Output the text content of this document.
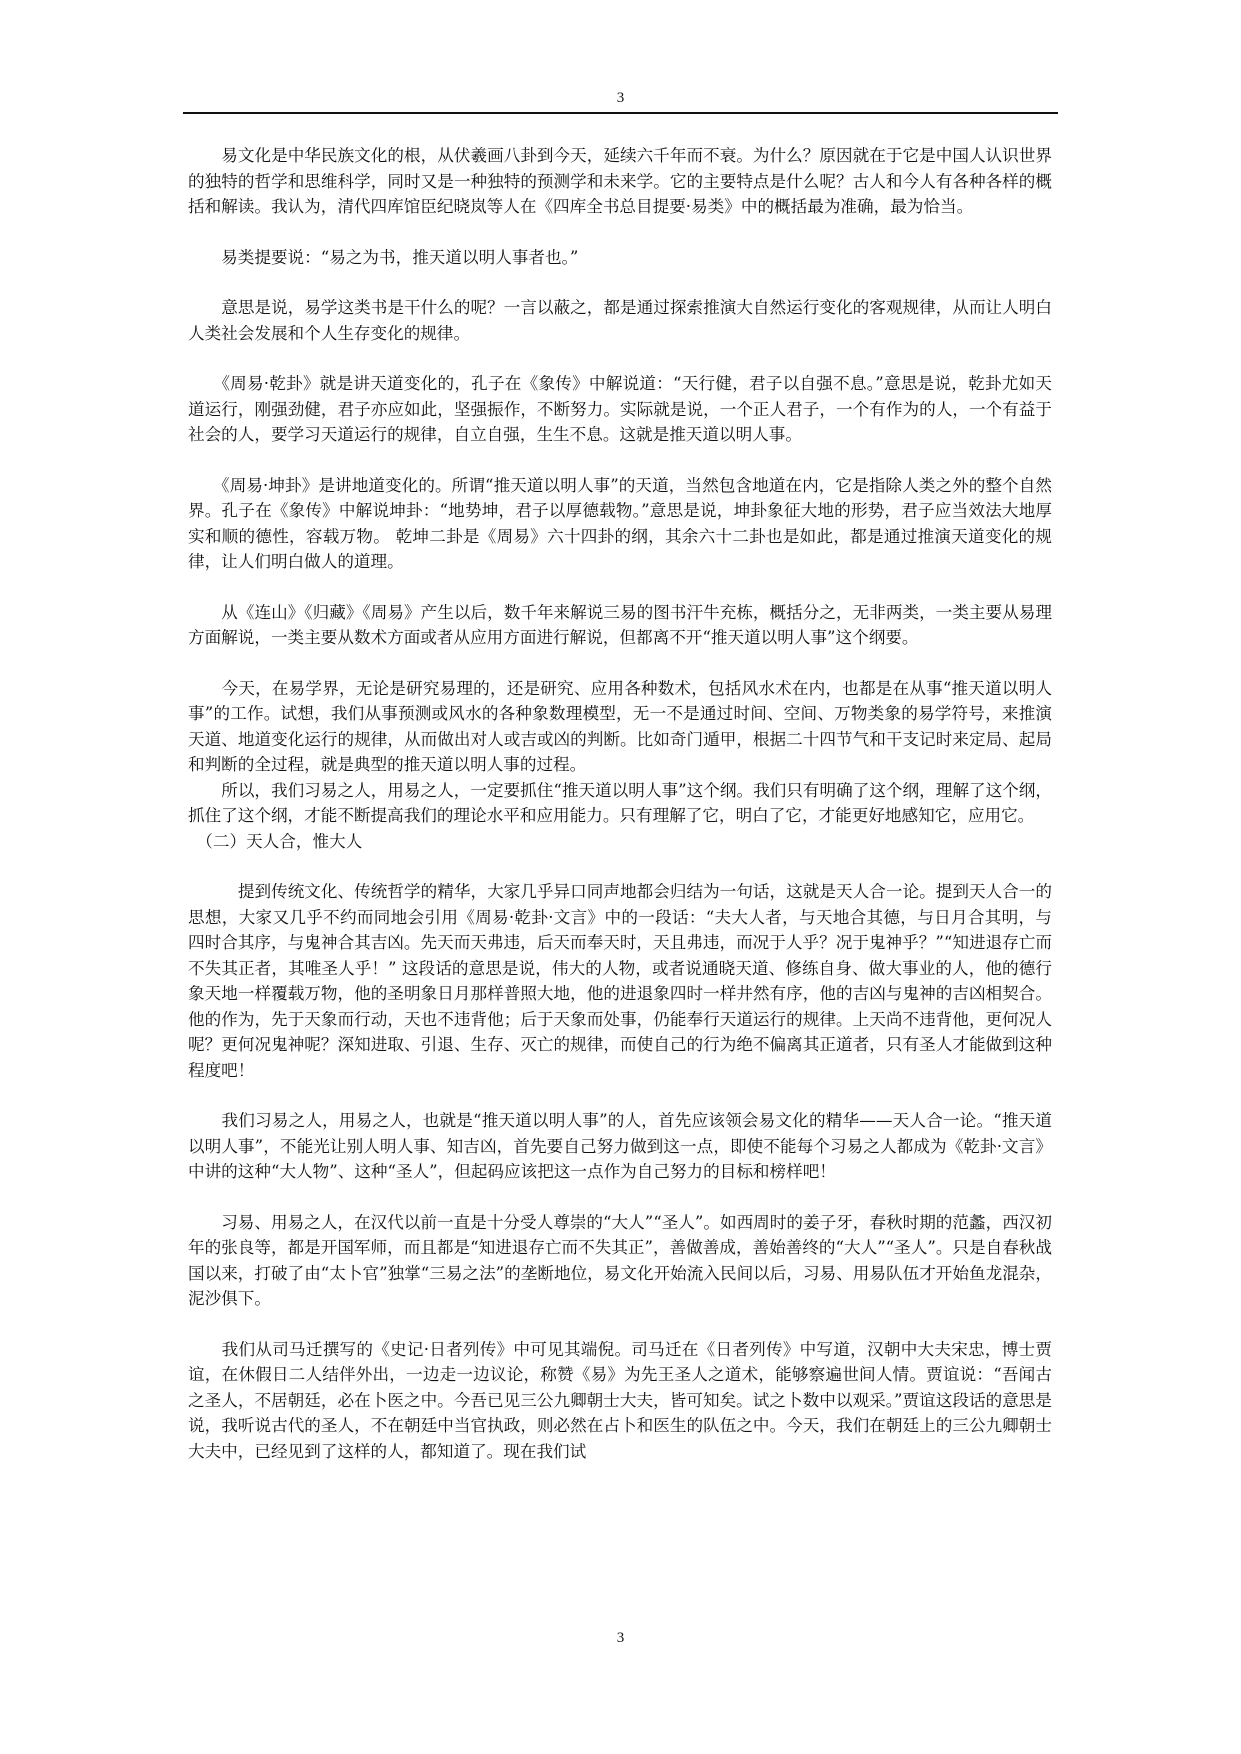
3

　　易文化是中华民族文化的根，从伏羲画八卦到今天，延续六千年而不衰。为什么？原因就在于它是中国人认识世界的独特的哲学和思维科学，同时又是一种独特的预测学和未来学。它的主要特点是什么呢？古人和今人有各种各样的概括和解读。我认为，清代四库馆臣纪晓岚等人在《四库全书总目提要·易类》中的概括最为准确，最为恰当。

　　易类提要说：“易之为书，推天道以明人事者也。”

　　意思是说，易学这类书是干什么的呢？一言以蔽之，都是通过探索推演大自然运行变化的客观规律，从而让人明白人类社会发展和个人生存变化的规律。

　　《周易·乾卦》就是讲天道变化的，孔子在《象传》中解说道：“天行健，君子以自强不息。”意思是说，乾卦尤如天道运行，刚强劲健，君子亦应如此，坚强振作，不断努力。实际就是说，一个正人君子，一个有作为的人，一个有益于社会的人，要学习天道运行的规律，自立自强，生生不息。这就是推天道以明人事。

　　《周易·坤卦》是讲地道变化的。所谓“推天道以明人事”的天道，当然包含地道在内，它是指除人类之外的整个自然界。孔子在《象传》中解说坤卦：“地势坤，君子以厚德载物。”意思是说，坤卦象征大地的形势，君子应当效法大地厚实和顺的德性，容载万物。 乾坤二卦是《周易》六十四卦的纲，其余六十二卦也是如此，都是通过推演天道变化的规律，让人们明白做人的道理。

　　从《连山》《归藏》《周易》产生以后，数千年来解说三易的图书汗牛充栋，概括分之，无非两类，一类主要从易理方面解说，一类主要从数术方面或者从应用方面进行解说，但都离不开“推天道以明人事”这个纲要。

　　今天，在易学界，无论是研究易理的，还是研究、应用各种数术，包括风水术在内，也都是在从事“推天道以明人事”的工作。试想，我们从事预测或风水的各种象数理模型，无一不是通过时间、空间、万物类象的易学符号，来推演天道、地道变化运行的规律，从而做出对人或吉或凶的判断。比如奇门遁甲，根据二十四节气和干支记时来定局、起局和判断的全过程，就是典型的推天道以明人事的过程。

　　所以，我们习易之人，用易之人，一定要抓住“推天道以明人事”这个纲。我们只有明确了这个纲，理解了这个纲，抓住了这个纲，才能不断提高我们的理论水平和应用能力。只有理解了它，明白了它，才能更好地感知它，应用它。

　（二）天人合，惟大人

　　　提到传统文化、传统哲学的精华，大家几乎异口同声地都会归结为一句话，这就是天人合一论。提到天人合一的思想，大家又几乎不约而同地会引用《周易·乾卦·文言》中的一段话：“夫大人者，与天地合其德，与日月合其明，与四时合其序，与鬼神合其吉凶。先天而天弗违，后天而奉天时，天且弗违，而况于人乎？况于鬼神乎？”“知进退存亡而不失其正者，其唯圣人乎！” 这段话的意思是说，伟大的人物，或者说通晓天道、修练自身、做大事业的人，他的德行象天地一样覆载万物，他的圣明象日月那样普照大地，他的进退象四时一样井然有序，他的吉凶与鬼神的吉凶相契合。他的作为，先于天象而行动，天也不违背他；后于天象而处事，仍能奉行天道运行的规律。上天尚不违背他，更何况人呢？更何况鬼神呢？深知进取、引退、生存、灭亡的规律，而使自己的行为绝不偏离其正道者，只有圣人才能做到这种程度吧！

　　我们习易之人，用易之人，也就是“推天道以明人事”的人，首先应该领会易文化的精华——天人合一论。“推天道以明人事”，不能光让别人明人事、知吉凶，首先要自己努力做到这一点，即使不能每个习易之人都成为《乾卦·文言》中讲的这种“大人物”、这种“圣人”，但起码应该把这一点作为自己努力的目标和榜样吧！

　　习易、用易之人，在汉代以前一直是十分受人尊崇的“大人”“圣人”。如西周时的姜子牙，春秋时期的范蠡，西汉初年的张良等，都是开国军师，而且都是“知进退存亡而不失其正”，善做善成，善始善终的“大人”“圣人”。只是自春秋战国以来，打破了由“太卜官”独掌“三易之法”的垄断地位，易文化开始流入民间以后，习易、用易队伍才开始鱼龙混杂，泥沙俱下。

　　我们从司马迁撰写的《史记·日者列传》中可见其端倪。司马迁在《日者列传》中写道，汉朝中大夫宋忠，博士贾谊，在休假日二人结伴外出，一边走一边议论，称赞《易》为先王圣人之道术，能够察遍世间人情。贾谊说：“吾闻古之圣人，不居朝廷，必在卜医之中。今吾已见三公九卿朝士大夫，皆可知矣。试之卜数中以观采。”贾谊这段话的意思是说，我听说古代的圣人，不在朝廷中当官执政，则必然在占卜和医生的队伍之中。今天，我们在朝廷上的三公九卿朝士大夫中，已经见到了这样的人，都知道了。现在我们试

3
